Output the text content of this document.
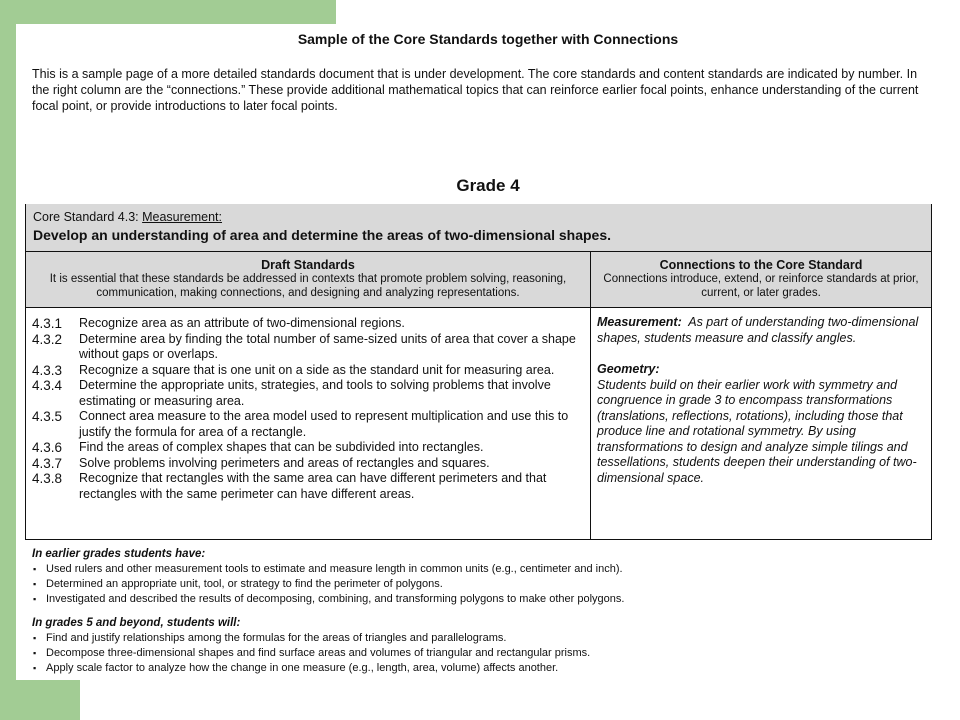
Sample of the Core Standards together with Connections
This is a sample page of a more detailed standards document that is under development. The core standards and content standards are indicated by number. In the right column are the “connections.” These provide additional mathematical topics that can reinforce earlier focal points, enhance understanding of the current focal point, or provide introductions to later focal points.
Grade 4
Core Standard 4.3: Measurement:
Develop an understanding of area and determine the areas of two-dimensional shapes.
Draft Standards
It is essential that these standards be addressed in contexts that promote problem solving, reasoning, communication, making connections, and designing and analyzing representations.
Connections to the Core Standard
Connections introduce, extend, or reinforce standards at prior, current, or later grades.
4.3.1	Recognize area as an attribute of two-dimensional regions.
4.3.2	Determine area by finding the total number of same-sized units of area that cover a shape without gaps or overlaps.
4.3.3	Recognize a square that is one unit on a side as the standard unit for measuring area.
4.3.4	Determine the appropriate units, strategies, and tools to solving problems that involve estimating or measuring area.
4.3.5	Connect area measure to the area model used to represent multiplication and use this to justify the formula for area of a rectangle.
4.3.6	Find the areas of complex shapes that can be subdivided into rectangles.
4.3.7	Solve problems involving perimeters and areas of rectangles and squares.
4.3.8	Recognize that rectangles with the same area can have different perimeters and that rectangles with the same perimeter can have different areas.
Measurement: As part of understanding two-dimensional shapes, students measure and classify angles.
Geometry:
Students build on their earlier work with symmetry and congruence in grade 3 to encompass transformations (translations, reflections, rotations), including those that produce line and rotational symmetry. By using transformations to design and analyze simple tilings and tessellations, students deepen their understanding of two-dimensional space.
In earlier grades students have:
▪ Used rulers and other measurement tools to estimate and measure length in common units (e.g., centimeter and inch).
▪ Determined an appropriate unit, tool, or strategy to find the perimeter of polygons.
▪ Investigated and described the results of decomposing, combining, and transforming polygons to make other polygons.
In grades 5 and beyond, students will:
▪ Find and justify relationships among the formulas for the areas of triangles and parallelograms.
▪ Decompose three-dimensional shapes and find surface areas and volumes of triangular and rectangular prisms.
▪ Apply scale factor to analyze how the change in one measure (e.g., length, area, volume) affects another.
